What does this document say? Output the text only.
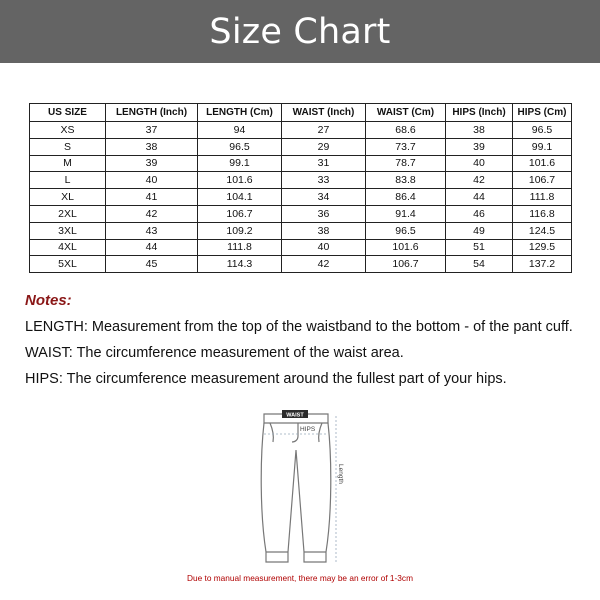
Size Chart
US SIZE	LENGTH (Inch)	LENGTH (Cm)	WAIST (Inch)	WAIST (Cm)	HIPS (Inch)	HIPS (Cm)
XS	37	94	27	68.6	38	96.5
S	38	96.5	29	73.7	39	99.1
M	39	99.1	31	78.7	40	101.6
L	40	101.6	33	83.8	42	106.7
XL	41	104.1	34	86.4	44	111.8
2XL	42	106.7	36	91.4	46	116.8
3XL	43	109.2	38	96.5	49	124.5
4XL	44	111.8	40	101.6	51	129.5
5XL	45	114.3	42	106.7	54	137.2
Notes:
LENGTH: Measurement from the top of the waistband to the bottom - of the pant cuff.
WAIST: The circumference measurement of the waist area.
HIPS: The circumference measurement around the fullest part of your hips.
WAIST
HIPS
Length
Due to manual measurement, there may be an error of 1-3cm
